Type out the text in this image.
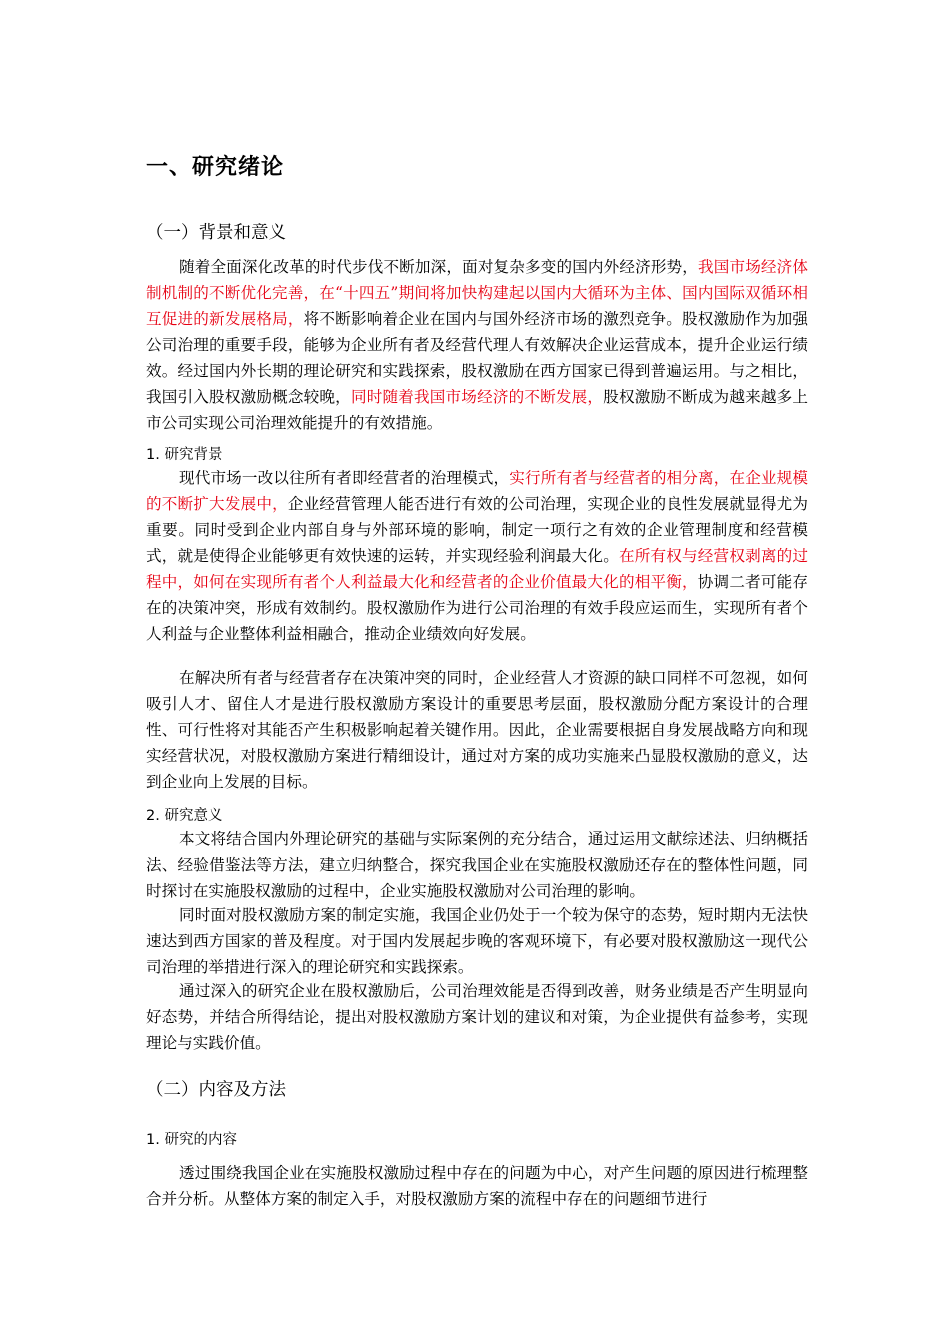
一、研究绪论
（一）背景和意义

随着全面深化改革的时代步伐不断加深，面对复杂多变的国内外经济形势，我国市场经济体制机制的不断优化完善，在“十四五”期间将加快构建起以国内大循环为主体、国内国际双循环相互促进的新发展格局，将不断影响着企业在国内与国外经济市场的激烈竞争。股权激励作为加强公司治理的重要手段，能够为企业所有者及经营代理人有效解决企业运营成本，提升企业运行绩效。经过国内外长期的理论研究和实践探索，股权激励在西方国家已得到普遍运用。与之相比，我国引入股权激励概念较晚，同时随着我国市场经济的不断发展，股权激励不断成为越来越多上市公司实现公司治理效能提升的有效措施。

1. 研究背景

现代市场一改以往所有者即经营者的治理模式，实行所有者与经营者的相分离，在企业规模的不断扩大发展中，企业经营管理人能否进行有效的公司治理，实现企业的良性发展就显得尤为重要。同时受到企业内部自身与外部环境的影响，制定一项行之有效的企业管理制度和经营模式，就是使得企业能够更有效快速的运转，并实现经验利润最大化。在所有权与经营权剥离的过程中，如何在实现所有者个人利益最大化和经营者的企业价值最大化的相平衡，协调二者可能存在的决策冲突，形成有效制约。股权激励作为进行公司治理的有效手段应运而生，实现所有者个人利益与企业整体利益相融合，推动企业绩效向好发展。

在解决所有者与经营者存在决策冲突的同时，企业经营人才资源的缺口同样不可忽视，如何吸引人才、留住人才是进行股权激励方案设计的重要思考层面，股权激励分配方案设计的合理性、可行性将对其能否产生积极影响起着关键作用。因此，企业需要根据自身发展战略方向和现实经营状况，对股权激励方案进行精细设计，通过对方案的成功实施来凸显股权激励的意义，达到企业向上发展的目标。

2. 研究意义

本文将结合国内外理论研究的基础与实际案例的充分结合，通过运用文献综述法、归纳概括法、经验借鉴法等方法，建立归纳整合，探究我国企业在实施股权激励还存在的整体性问题，同时探讨在实施股权激励的过程中，企业实施股权激励对公司治理的影响。

同时面对股权激励方案的制定实施，我国企业仍处于一个较为保守的态势，短时期内无法快速达到西方国家的普及程度。对于国内发展起步晚的客观环境下，有必要对股权激励这一现代公司治理的举措进行深入的理论研究和实践探索。

通过深入的研究企业在股权激励后，公司治理效能是否得到改善，财务业绩是否产生明显向好态势，并结合所得结论，提出对股权激励方案计划的建议和对策，为企业提供有益参考，实现理论与实践价值。

（二）内容及方法
1. 研究的内容

透过围绕我国企业在实施股权激励过程中存在的问题为中心，对产生问题的原因进行梳理整合并分析。从整体方案的制定入手，对股权激励方案的流程中存在的问题细节进行
